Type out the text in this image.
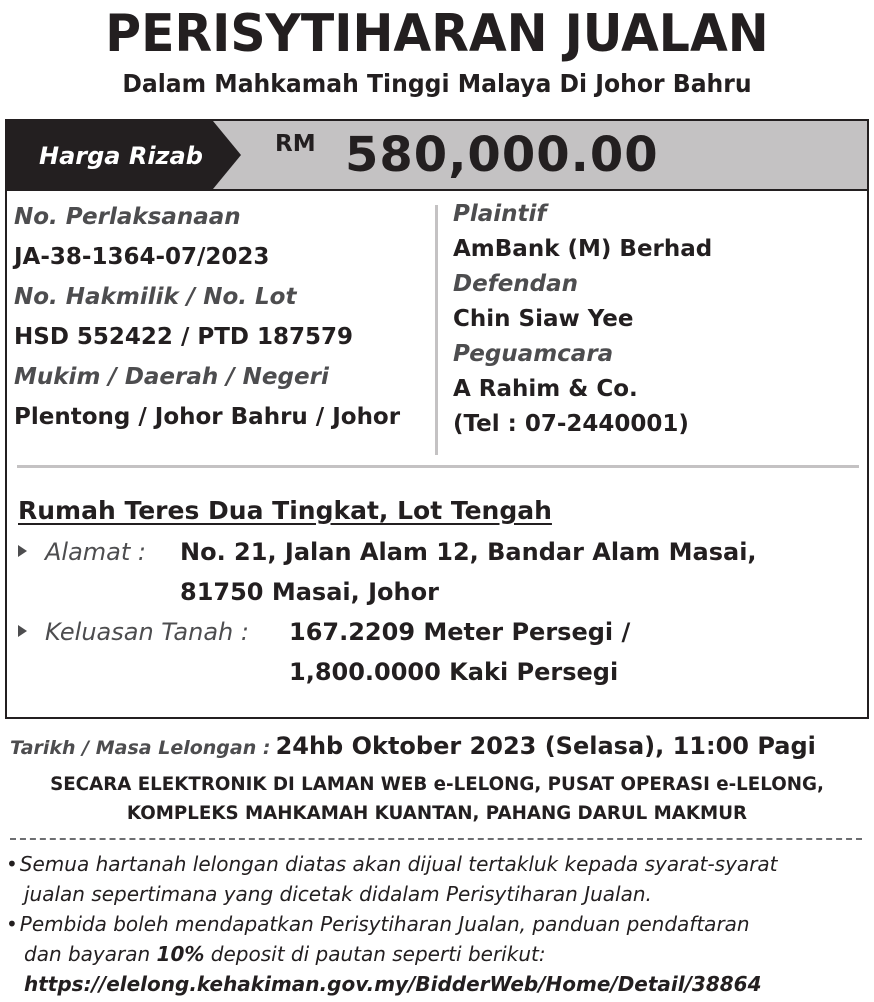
PERISYTIHARAN JUALAN
Dalam Mahkamah Tinggi Malaya Di Johor Bahru
Harga Rizab	RM 580,000.00
No. Perlaksanaan
JA-38-1364-07/2023
No. Hakmilik / No. Lot
HSD 552422 / PTD 187579
Mukim / Daerah / Negeri
Plentong / Johor Bahru / Johor
Plaintif
AmBank (M) Berhad
Defendan
Chin Siaw Yee
Peguamcara
A Rahim & Co.
(Tel : 07-2440001)
Rumah Teres Dua Tingkat, Lot Tengah
Alamat : No. 21, Jalan Alam 12, Bandar Alam Masai,
81750 Masai, Johor
Keluasan Tanah : 167.2209 Meter Persegi /
1,800.0000 Kaki Persegi
Tarikh / Masa Lelongan : 24hb Oktober 2023 (Selasa), 11:00 Pagi
SECARA ELEKTRONIK DI LAMAN WEB e-LELONG, PUSAT OPERASI e-LELONG,
KOMPLEKS MAHKAMAH KUANTAN, PAHANG DARUL MAKMUR
• Semua hartanah lelongan diatas akan dijual tertakluk kepada syarat-syarat
jualan sepertimana yang dicetak didalam Perisytiharan Jualan.
• Pembida boleh mendapatkan Perisytiharan Jualan, panduan pendaftaran
dan bayaran 10% deposit di pautan seperti berikut:
https://elelong.kehakiman.gov.my/BidderWeb/Home/Detail/38864
